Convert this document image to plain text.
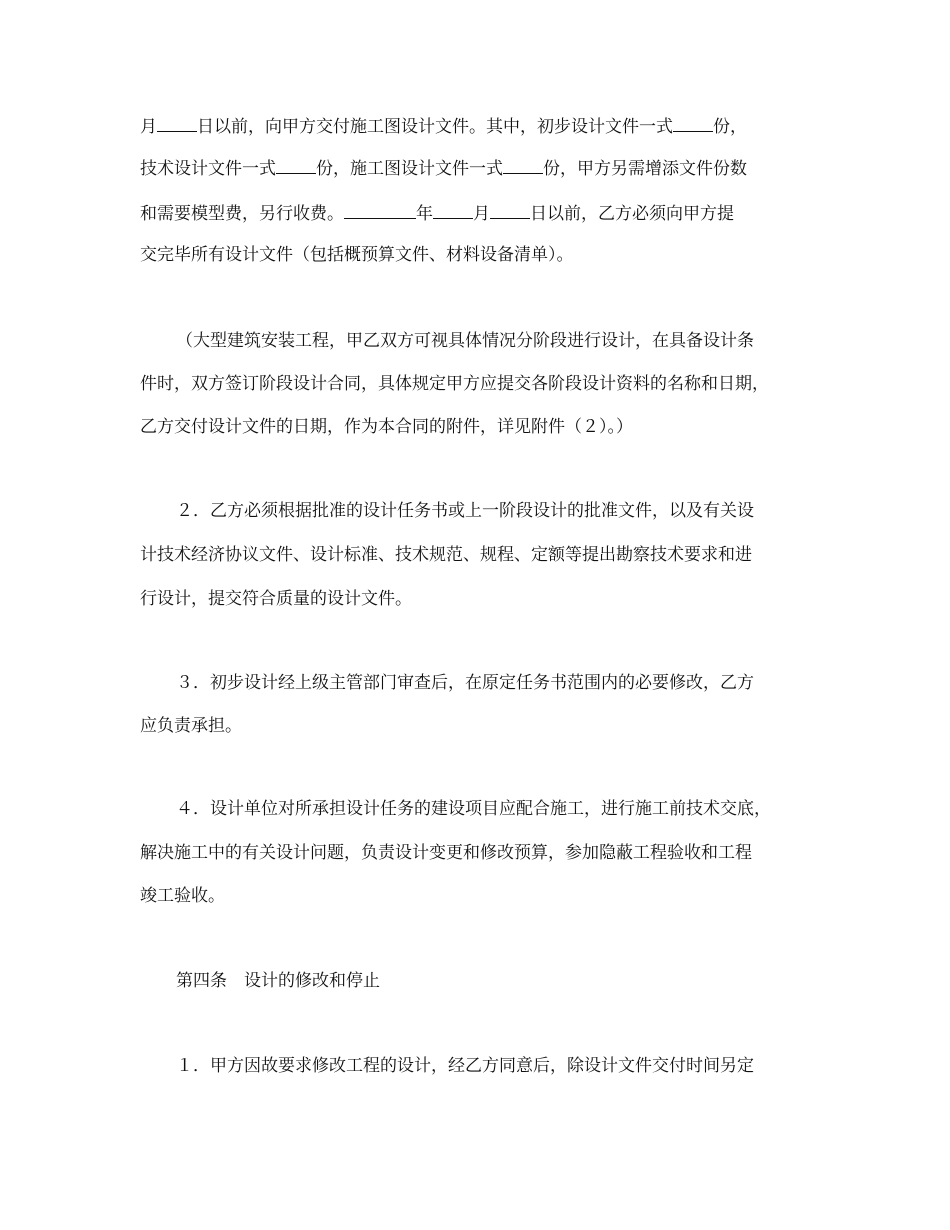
月 日以前，向甲方交付施工图设计文件。其中，初步设计文件一式 份，
技术设计文件一式 份，施工图设计文件一式 份，甲方另需增添文件份数
和需要模型费，另行收费。	年 月 日以前，乙方必须向甲方提
交完毕所有设计文件（包括概预算文件、材料设备清单）。
（大型建筑安装工程，甲乙双方可视具体情况分阶段进行设计，在具备设计条
件时，双方签订阶段设计合同，具体规定甲方应提交各阶段设计资料的名称和日期，
乙方交付设计文件的日期，作为本合同的附件，详见附件（２）。）
２．乙方必须根据批准的设计任务书或上一阶段设计的批准文件，以及有关设
计技术经济协议文件、设计标准、技术规范、规程、定额等提出勘察技术要求和进
行设计，提交符合质量的设计文件。
３．初步设计经上级主管部门审查后，在原定任务书范围内的必要修改，乙方
应负责承担。
４．设计单位对所承担设计任务的建设项目应配合施工，进行施工前技术交底，
解决施工中的有关设计问题，负责设计变更和修改预算，参加隐蔽工程验收和工程
竣工验收。
第四条　设计的修改和停止
１．甲方因故要求修改工程的设计，经乙方同意后，除设计文件交付时间另定
